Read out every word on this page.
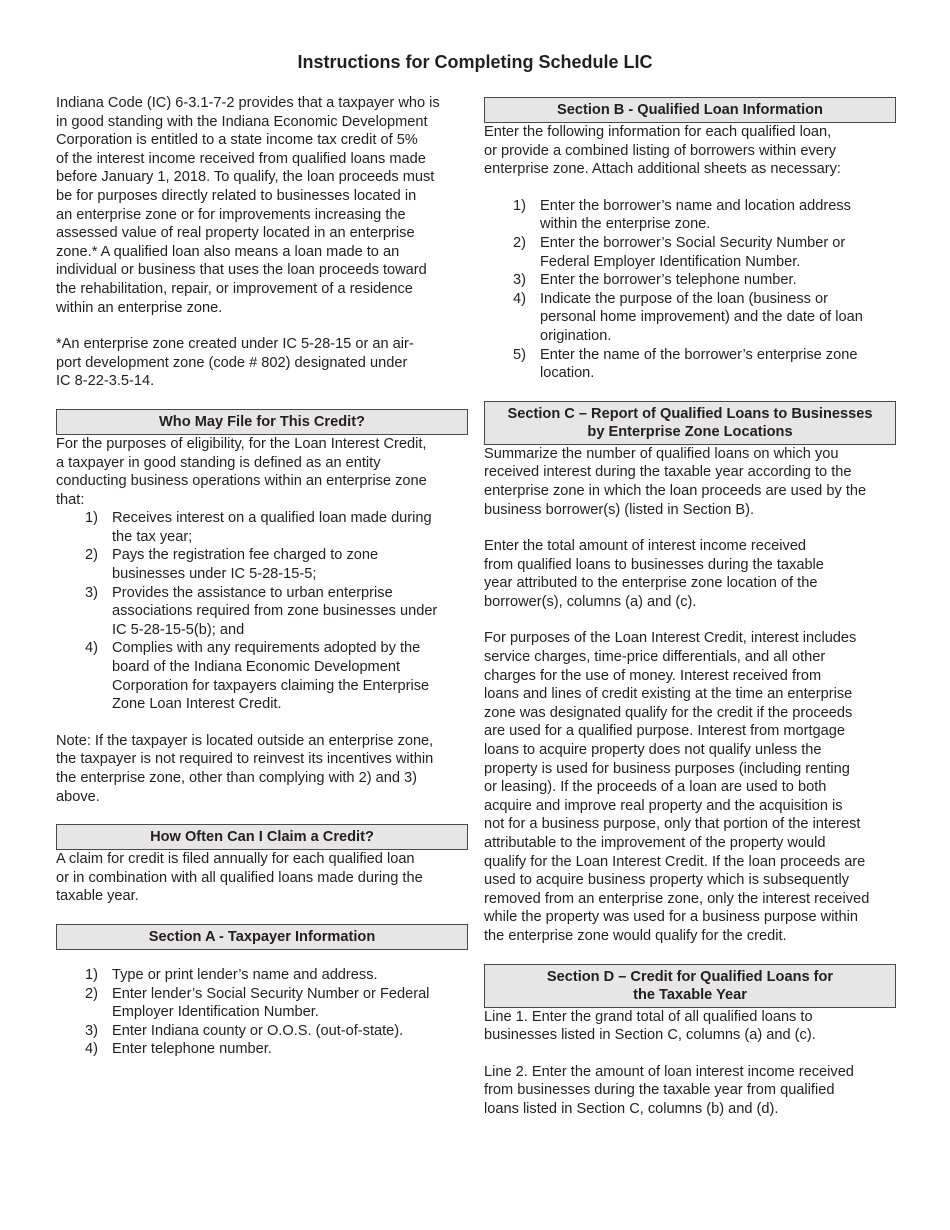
Instructions for Completing Schedule LIC

Indiana Code (IC) 6-3.1-7-2 provides that a taxpayer who is
in good standing with the Indiana Economic Development
Corporation is entitled to a state income tax credit of 5%
of the interest income received from qualified loans made
before January 1, 2018. To qualify, the loan proceeds must
be for purposes directly related to businesses located in
an enterprise zone or for improvements increasing the
assessed value of real property located in an enterprise
zone.* A qualified loan also means a loan made to an
individual or business that uses the loan proceeds toward
the rehabilitation, repair, or improvement of a residence
within an enterprise zone.

*An enterprise zone created under IC 5-28-15 or an air-
port development zone (code # 802) designated under
IC 8-22-3.5-14.

Who May File for This Credit?

For the purposes of eligibility, for the Loan Interest Credit,
a taxpayer in good standing is defined as an entity
conducting business operations within an enterprise zone
that:

1) Receives interest on a qualified loan made during
the tax year;

2) Pays the registration fee charged to zone
businesses under IC 5-28-15-5;

3) Provides the assistance to urban enterprise
associations required from zone businesses under
IC 5-28-15-5(b); and

4) Complies with any requirements adopted by the
board of the Indiana Economic Development
Corporation for taxpayers claiming the Enterprise
Zone Loan Interest Credit.

Note: If the taxpayer is located outside an enterprise zone,
the taxpayer is not required to reinvest its incentives within
the enterprise zone, other than complying with 2) and 3)
above.

How Often Can I Claim a Credit?

A claim for credit is filed annually for each qualified loan
or in combination with all qualified loans made during the
taxable year.

Section A - Taxpayer Information
1) Type or print lender’s name and address.

2) Enter lender’s Social Security Number or Federal
Employer Identification Number.

3) Enter Indiana county or O.O.S. (out-of-state).

4) Enter telephone number.

Section B - Qualified Loan Information

Enter the following information for each qualified loan,
or provide a combined listing of borrowers within every
enterprise zone. Attach additional sheets as necessary:

1) Enter the borrower’s name and location address
within the enterprise zone.

2) Enter the borrower’s Social Security Number or
Federal Employer Identification Number.

3) Enter the borrower’s telephone number.

4) Indicate the purpose of the loan (business or
personal home improvement) and the date of loan
origination.

5) Enter the name of the borrower’s enterprise zone
location.

Section C – Report of Qualified Loans to Businesses
by Enterprise Zone Locations

Summarize the number of qualified loans on which you
received interest during the taxable year according to the
enterprise zone in which the loan proceeds are used by the
business borrower(s) (listed in Section B).

Enter the total amount of interest income received
from qualified loans to businesses during the taxable
year attributed to the enterprise zone location of the
borrower(s), columns (a) and (c).

For purposes of the Loan Interest Credit, interest includes
service charges, time-price differentials, and all other
charges for the use of money. Interest received from
loans and lines of credit existing at the time an enterprise
zone was designated qualify for the credit if the proceeds
are used for a qualified purpose. Interest from mortgage
loans to acquire property does not qualify unless the
property is used for business purposes (including renting
or leasing). If the proceeds of a loan are used to both
acquire and improve real property and the acquisition is
not for a business purpose, only that portion of the interest
attributable to the improvement of the property would
qualify for the Loan Interest Credit. If the loan proceeds are
used to acquire business property which is subsequently
removed from an enterprise zone, only the interest received
while the property was used for a business purpose within
the enterprise zone would qualify for the credit.

Section D – Credit for Qualified Loans for
the Taxable Year

Line 1. Enter the grand total of all qualified loans to
businesses listed in Section C, columns (a) and (c).

Line 2. Enter the amount of loan interest income received
from businesses during the taxable year from qualified
loans listed in Section C, columns (b) and (d).
